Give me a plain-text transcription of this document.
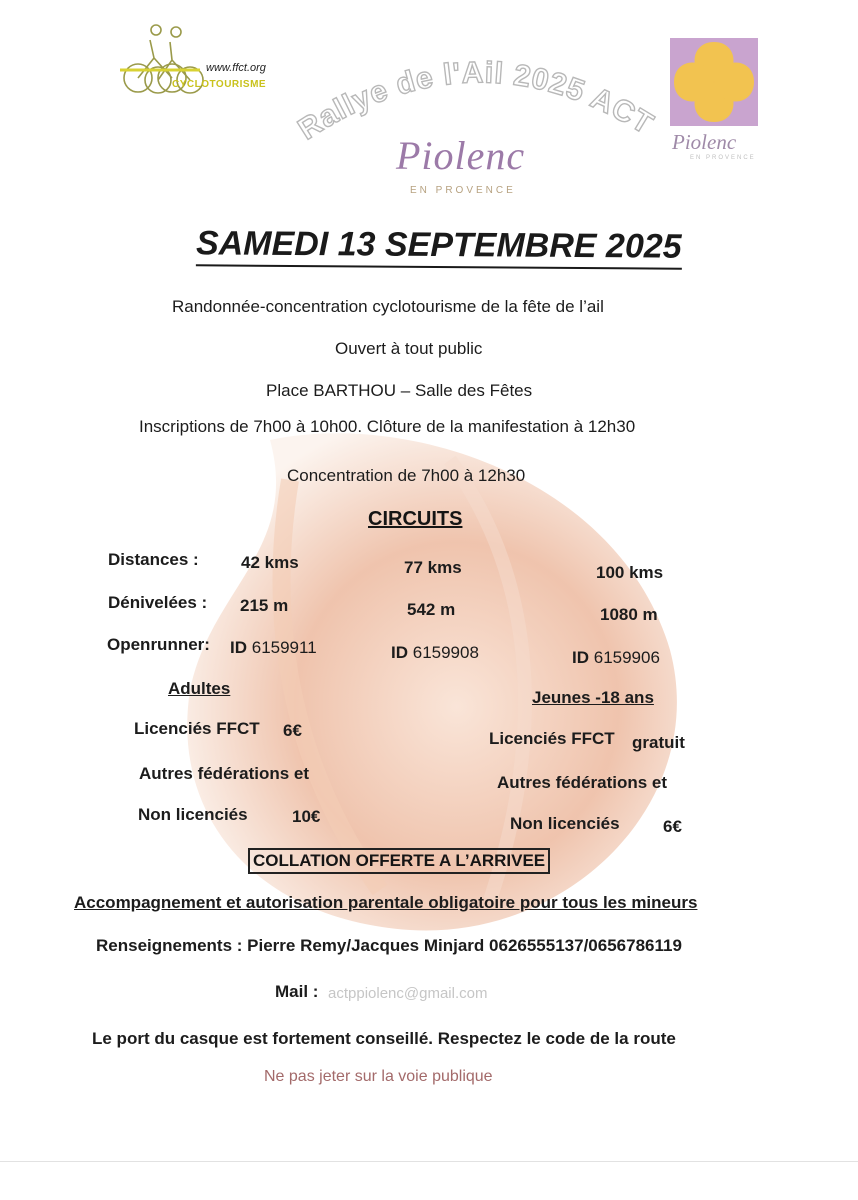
www.ffct.org
CYCLOTOURISME
Rallye de l'Ail 2025 ACT
Piolenc
EN PROVENCE
Piolenc
EN PROVENCE
SAMEDI 13 SEPTEMBRE 2025
Randonnée-concentration cyclotourisme de la fête de l’ail
Ouvert à tout public
Place BARTHOU – Salle des Fêtes
Inscriptions de 7h00 à 10h00. Clôture de la manifestation à 12h30
Concentration de 7h00 à 12h30
CIRCUITS
Distances : 42 kms	77 kms	100 kms
Dénivelées : 215 m	542 m	1080 m
Openrunner: ID 6159911	ID 6159908	ID 6159906
Adultes
Licenciés FFCT 6€
Autres fédérations et
Non licenciés	10€
Jeunes -18 ans
Licenciés FFCT gratuit
Autres fédérations et
Non licenciés	6€
COLLATION OFFERTE A L’ARRIVEE
Accompagnement et autorisation parentale obligatoire pour tous les mineurs
Renseignements : Pierre Remy/Jacques Minjard 0626555137/0656786119
Mail : actppiolenc@gmail.com
Le port du casque est fortement conseillé. Respectez le code de la route
Ne pas jeter sur la voie publique
